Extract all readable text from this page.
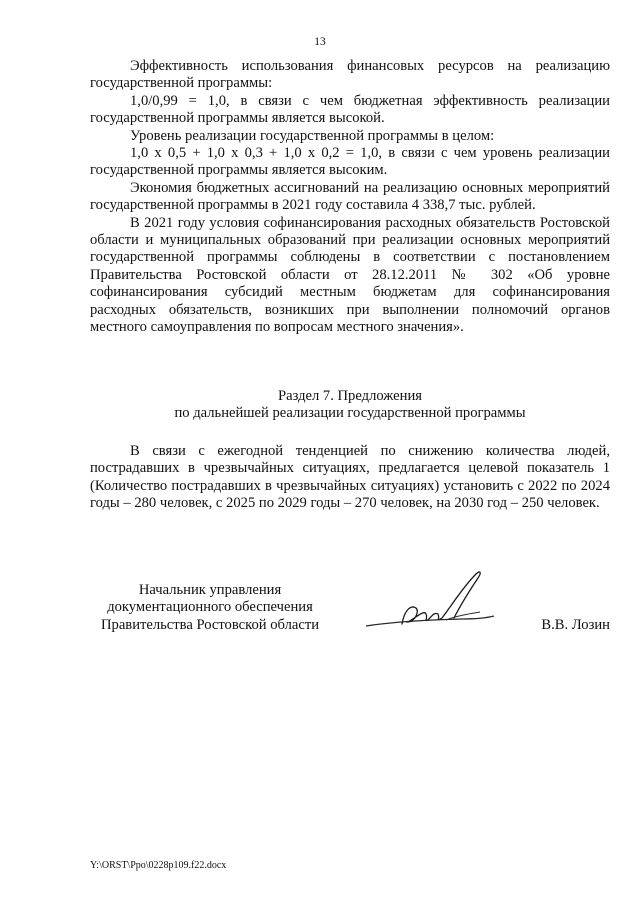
13

Эффективность использования финансовых ресурсов на реализацию государственной программы:

1,0/0,99 = 1,0, в связи с чем бюджетная эффективность реализации государственной программы является высокой.

Уровень реализации государственной программы в целом:

1,0 х 0,5 + 1,0 х 0,3 + 1,0 х 0,2 = 1,0, в связи с чем уровень реализации государственной программы является высоким.

Экономия бюджетных ассигнований на реализацию основных мероприятий государственной программы в 2021 году составила 4 338,7 тыс. рублей.

В 2021 году условия софинансирования расходных обязательств Ростовской области и муниципальных образований при реализации основных мероприятий государственной программы соблюдены в соответствии с постановлением Правительства Ростовской области от 28.12.2011 № 302 «Об уровне софинансирования субсидий местным бюджетам для софинансирования расходных обязательств, возникших при выполнении полномочий органов местного самоуправления по вопросам местного значения».

Раздел 7. Предложения
по дальнейшей реализации государственной программы

В связи с ежегодной тенденцией по снижению количества людей, пострадавших в чрезвычайных ситуациях, предлагается целевой показатель 1 (Количество пострадавших в чрезвычайных ситуациях) установить с 2022 по 2024 годы – 280 человек, с 2025 по 2029 годы – 270 человек, на 2030 год – 250 человек.

Начальник управления
документационного обеспечения
Правительства Ростовской области	В.В. Лозин
Y:\ORST\Ppo\0228p109.f22.docx
